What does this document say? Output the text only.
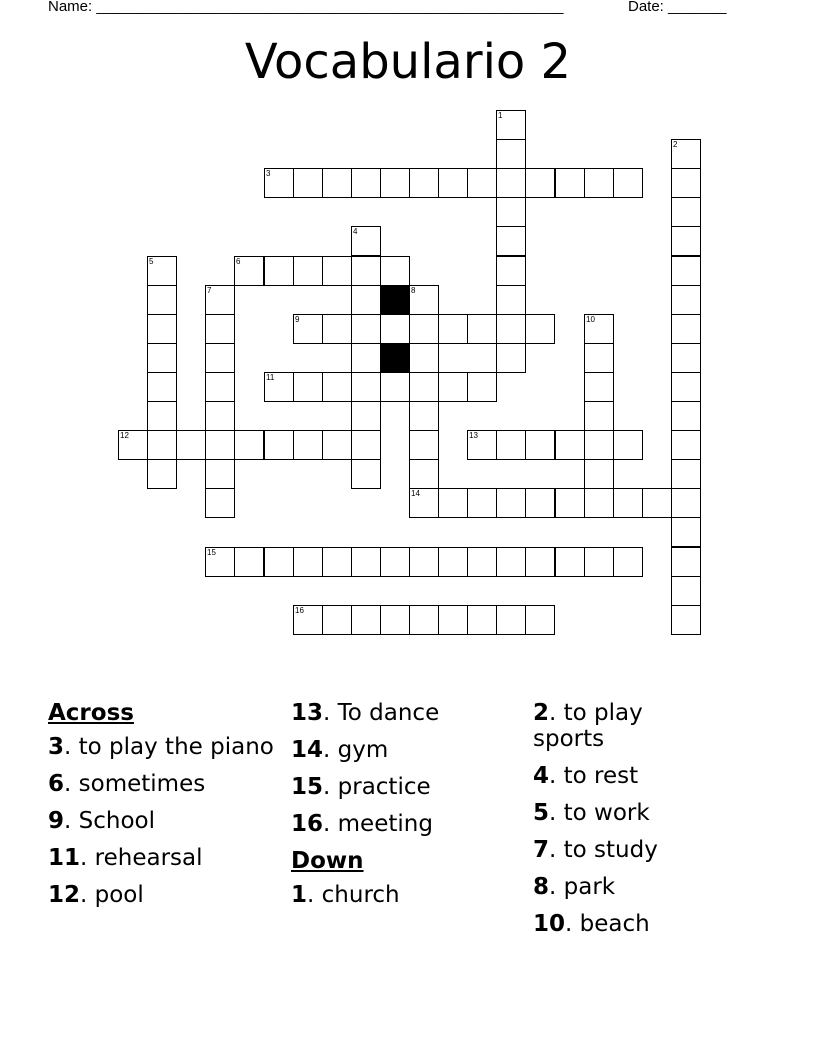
Name: ________________________________________________________	Date: _______
Vocabulario 2
1
2
3
4
5	6
7	8
14
9	10
11
12	13
15
16
Across
3. to play the piano
6. sometimes
9. School
11. rehearsal
12. pool
13. To dance
14. gym
15. practice
16. meeting
Down
1. church
2. to play sports
4. to rest
5. to work
7. to study
8. park
10. beach
